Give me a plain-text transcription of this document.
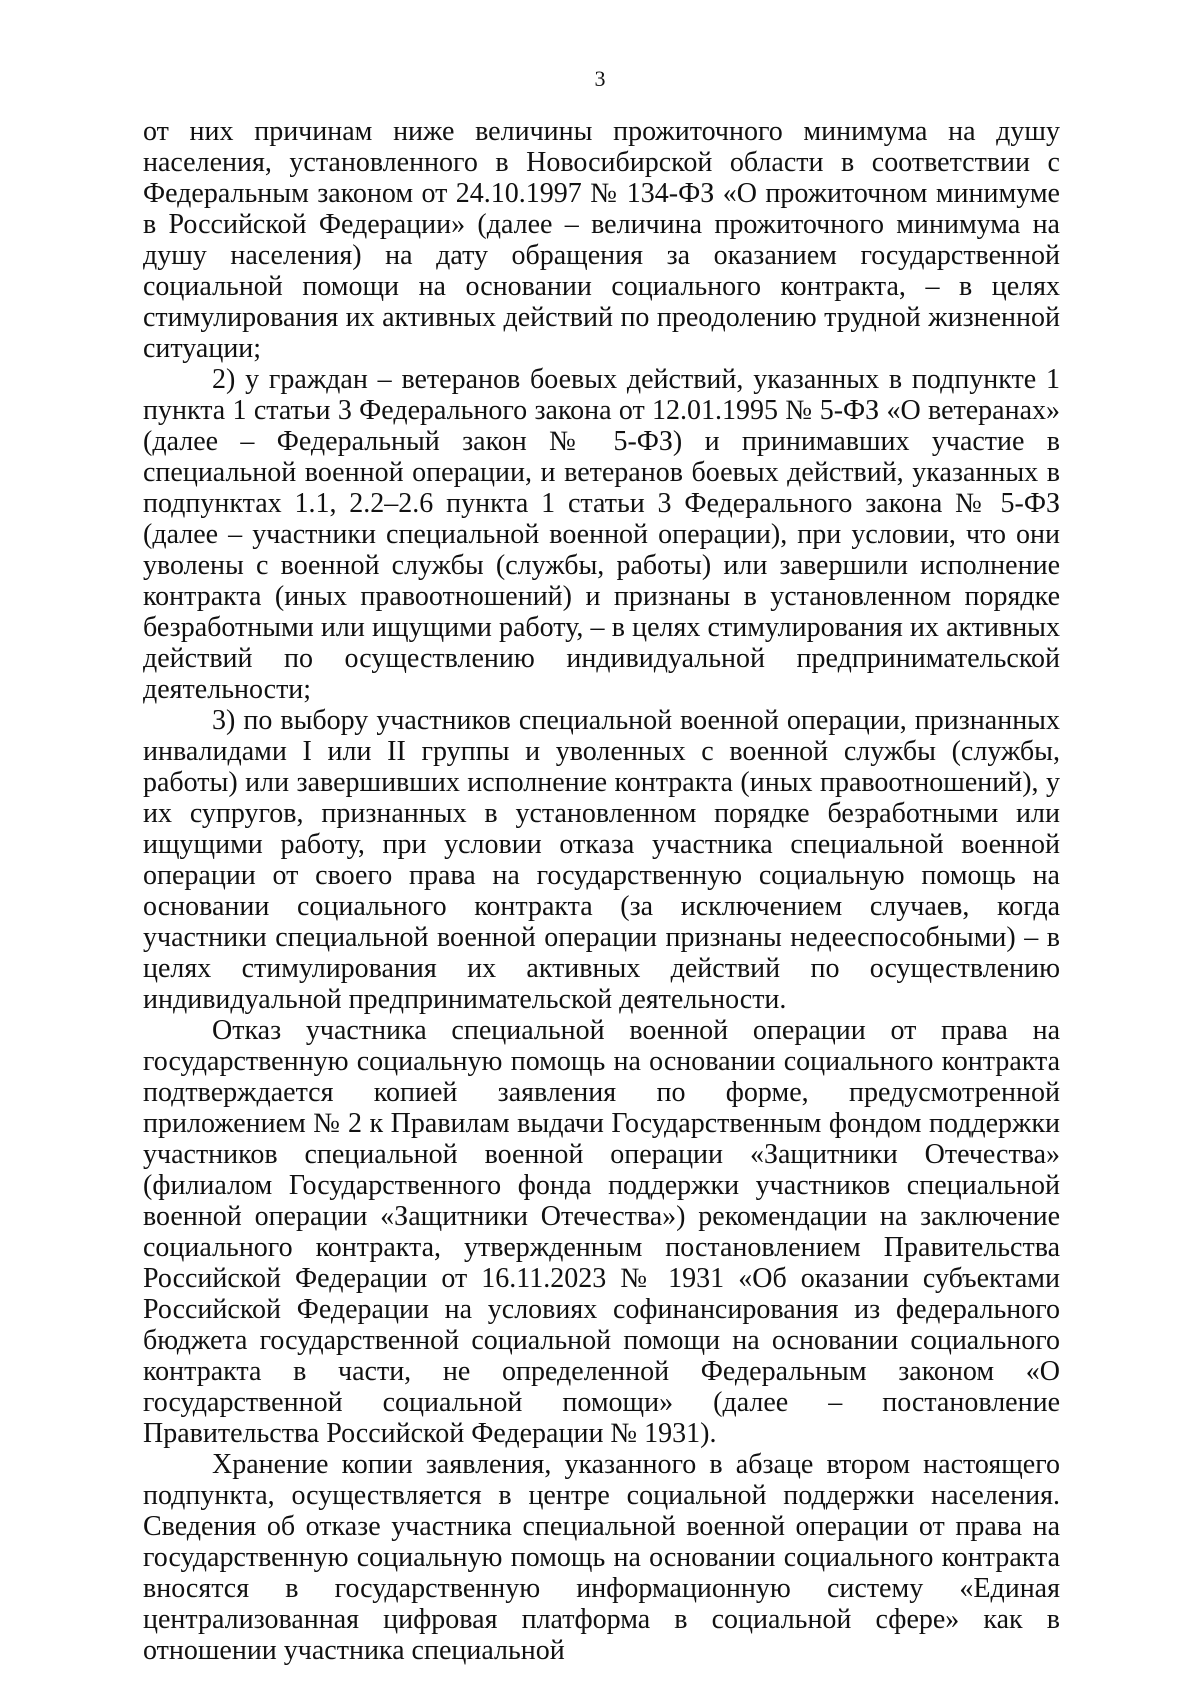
3

от них причинам ниже величины прожиточного минимума на душу населения, установленного в Новосибирской области в соответствии с Федеральным законом от 24.10.1997 № 134-ФЗ «О прожиточном минимуме в Российской Федерации» (далее – величина прожиточного минимума на душу населения) на дату обращения за оказанием государственной социальной помощи на основании социального контракта, – в целях стимулирования их активных действий по преодолению трудной жизненной ситуации;

2) у граждан – ветеранов боевых действий, указанных в подпункте 1 пункта 1 статьи 3 Федерального закона от 12.01.1995 № 5-ФЗ «О ветеранах» (далее – Федеральный закон № 5-ФЗ) и принимавших участие в специальной военной операции, и ветеранов боевых действий, указанных в подпунктах 1.1, 2.2–2.6 пункта 1 статьи 3 Федерального закона № 5-ФЗ (далее – участники специальной военной операции), при условии, что они уволены с военной службы (службы, работы) или завершили исполнение контракта (иных правоотношений) и признаны в установленном порядке безработными или ищущими работу, – в целях стимулирования их активных действий по осуществлению индивидуальной предпринимательской деятельности;

3) по выбору участников специальной военной операции, признанных инвалидами I или II группы и уволенных с военной службы (службы, работы) или завершивших исполнение контракта (иных правоотношений), у их супругов, признанных в установленном порядке безработными или ищущими работу, при условии отказа участника специальной военной операции от своего права на государственную социальную помощь на основании социального контракта (за исключением случаев, когда участники специальной военной операции признаны недееспособными) – в целях стимулирования их активных действий по осуществлению индивидуальной предпринимательской деятельности.

Отказ участника специальной военной операции от права на государственную социальную помощь на основании социального контракта подтверждается копией заявления по форме, предусмотренной приложением № 2 к Правилам выдачи Государственным фондом поддержки участников специальной военной операции «Защитники Отечества» (филиалом Государственного фонда поддержки участников специальной военной операции «Защитники Отечества») рекомендации на заключение социального контракта, утвержденным постановлением Правительства Российской Федерации от 16.11.2023 № 1931 «Об оказании субъектами Российской Федерации на условиях софинансирования из федерального бюджета государственной социальной помощи на основании социального контракта в части, не определенной Федеральным законом «О государственной социальной помощи» (далее – постановление Правительства Российской Федерации № 1931).

Хранение копии заявления, указанного в абзаце втором настоящего подпункта, осуществляется в центре социальной поддержки населения. Сведения об отказе участника специальной военной операции от права на государственную социальную помощь на основании социального контракта вносятся в государственную информационную систему «Единая централизованная цифровая платформа в социальной сфере» как в отношении участника специальной
